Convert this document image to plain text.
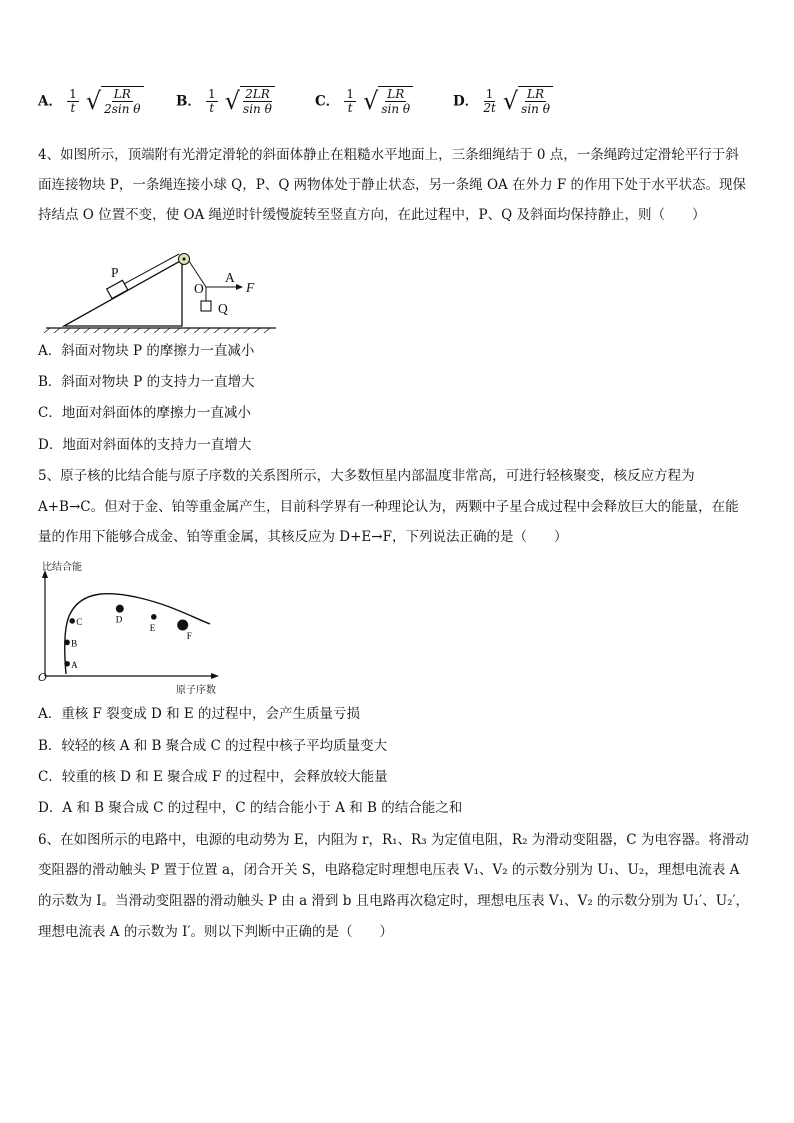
A． $\frac{1}{t}$
√ LR
2sin θ	B． $\frac{1}{t}$
√ 2LR
sin θ	C． $\frac{1}{t}$
√ LR
sin θ	D． $\frac{1}{2t}$
√ LR
sin θ
4、如图所示，顶端附有光滑定滑轮的斜面体静止在粗糙水平地面上，三条细绳结于 0 点，一条绳跨过定滑轮平行于斜
面连接物块 P，一条绳连接小球 Q，P、Q 两物体处于静止状态，另一条绳 OA 在外力 F 的作用下处于水平状态。现保
持结点 O 位置不变，使 OA 绳逆时针缓慢旋转至竖直方向，在此过程中，P、Q 及斜面均保持静止，则（　　）
P	A
O	F
Q
A．斜面对物块 P 的摩擦力一直减小
B．斜面对物块 P 的支持力一直增大
C．地面对斜面体的摩擦力一直减小
D．地面对斜面体的支持力一直增大
5、原子核的比结合能与原子序数的关系图所示，大多数恒星内部温度非常高，可进行轻核聚变，核反应方程为
A+B→C。但对于金、铂等重金属产生，目前科学界有一种理论认为，两颗中子星合成过程中会释放巨大的能量，在能
量的作用下能够合成金、铂等重金属，其核反应为 D+E→F，下列说法正确的是（　　）
A
B
C	D
E
F
比结合能
O
原子序数
A．重核 F 裂变成 D 和 E 的过程中，会产生质量亏损
B．较轻的核 A 和 B 聚合成 C 的过程中核子平均质量变大
C．较重的核 D 和 E 聚合成 F 的过程中，会释放较大能量
D．A 和 B 聚合成 C 的过程中，C 的结合能小于 A 和 B 的结合能之和
6、在如图所示的电路中，电源的电动势为 E，内阻为 r，R₁、R₃ 为定值电阻，R₂ 为滑动变阻器，C 为电容器。将滑动
变阻器的滑动触头 P 置于位置 a，闭合开关 S，电路稳定时理想电压表 V₁、V₂ 的示数分别为 U₁、U₂，理想电流表 A
的示数为 I。当滑动变阻器的滑动触头 P 由 a 滑到 b 且电路再次稳定时，理想电压表 V₁、V₂ 的示数分别为 U₁′、U₂′，
理想电流表 A 的示数为 I′。则以下判断中正确的是（　　）
